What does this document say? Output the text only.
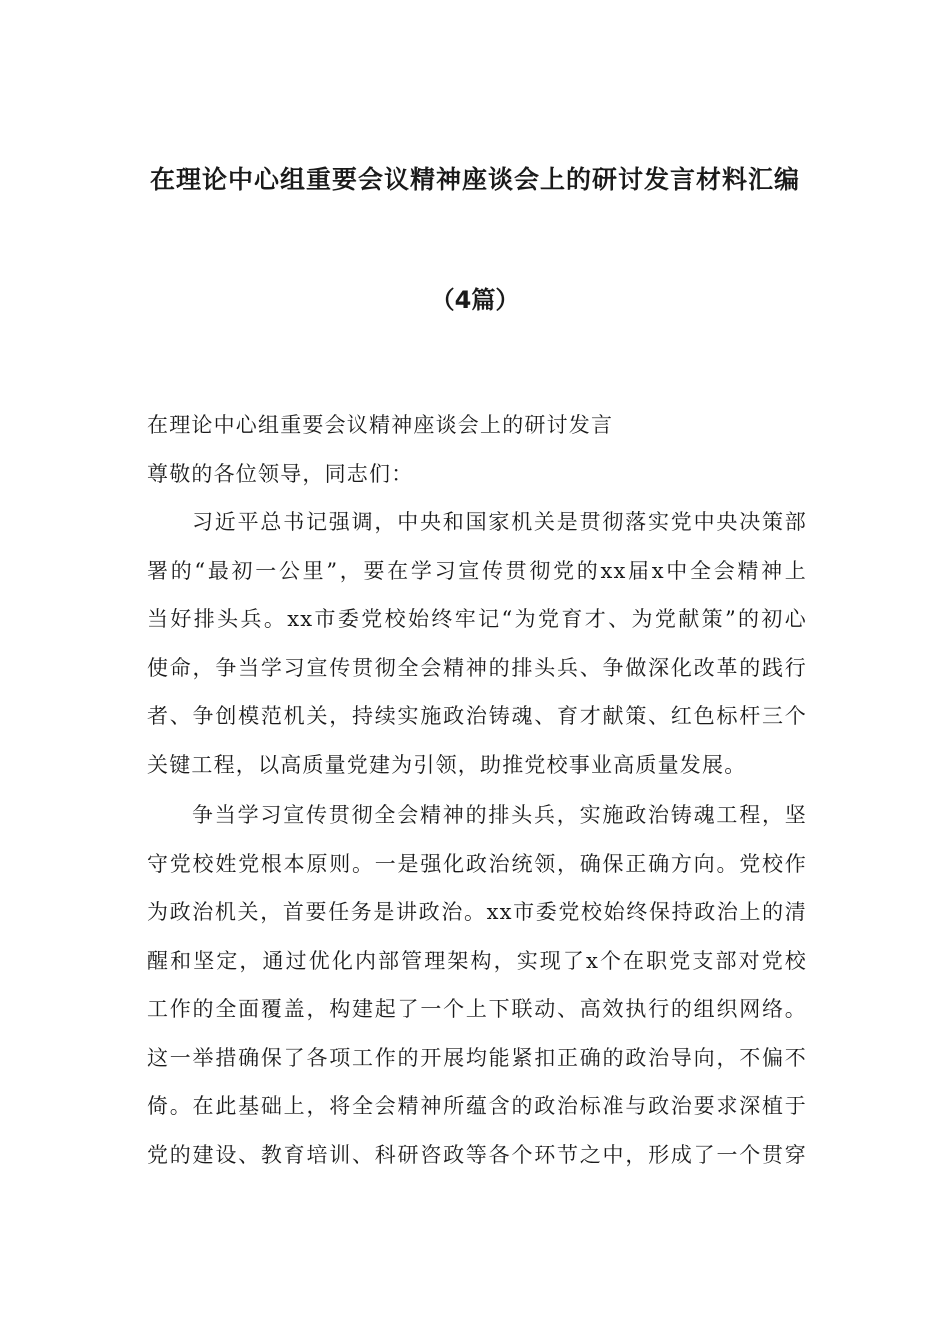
在理论中心组重要会议精神座谈会上的研讨发言材料汇编
（4篇）

在理论中心组重要会议精神座谈会上的研讨发言

尊敬的各位领导，同志们：

习近平总书记强调，中央和国家机关是贯彻落实党中央决策部

署的“最初一公里”，要在学习宣传贯彻党的xx届x中全会精神上

当好排头兵。xx市委党校始终牢记“为党育才、为党献策”的初心

使命，争当学习宣传贯彻全会精神的排头兵、争做深化改革的践行

者、争创模范机关，持续实施政治铸魂、育才献策、红色标杆三个

关键工程，以高质量党建为引领，助推党校事业高质量发展。

争当学习宣传贯彻全会精神的排头兵，实施政治铸魂工程，坚

守党校姓党根本原则。一是强化政治统领，确保正确方向。党校作

为政治机关，首要任务是讲政治。xx市委党校始终保持政治上的清

醒和坚定，通过优化内部管理架构，实现了x个在职党支部对党校

工作的全面覆盖，构建起了一个上下联动、高效执行的组织网络。

这一举措确保了各项工作的开展均能紧扣正确的政治导向，不偏不

倚。在此基础上，将全会精神所蕴含的政治标准与政治要求深植于

党的建设、教育培训、科研咨政等各个环节之中，形成了一个贯穿
